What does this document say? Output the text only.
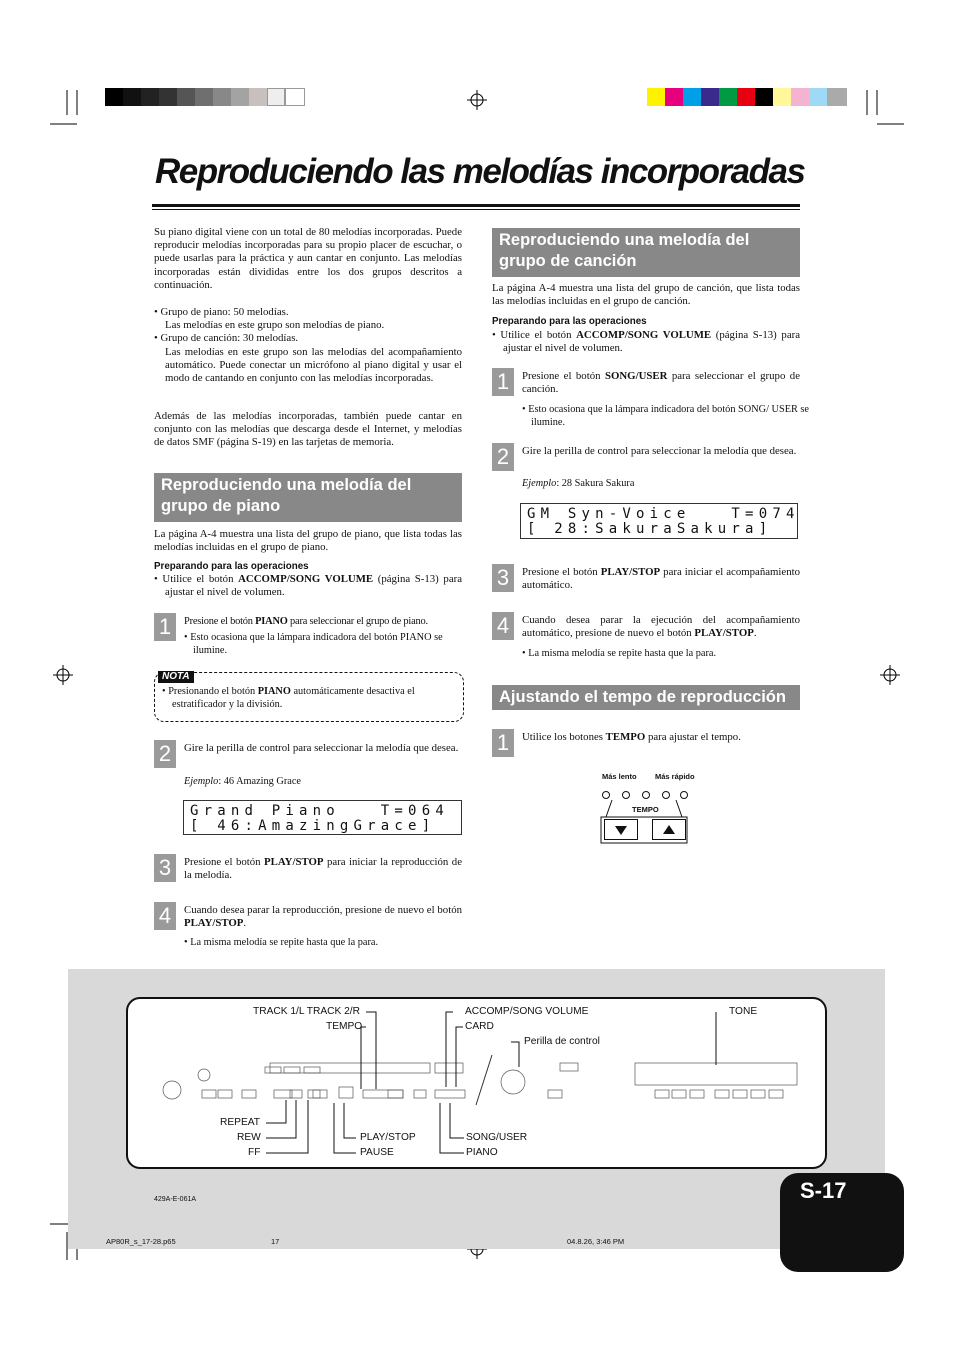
Reproduciendo las melodías incorporadas
Su piano digital viene con un total de 80 melodías incorporadas. Puede reproducir melodías incorporadas para su propio placer de escuchar, o puede usarlas para la práctica y aun cantar en conjunto. Las melodías incorporadas están divididas entre los dos grupos descritos a continuación.
• Grupo de piano: 50 melodías.
Las melodías en este grupo son melodías de piano.
• Grupo de canción: 30 melodías.
Las melodías en este grupo son las melodías del acompañamiento automático. Puede conectar un micrófono al piano digital y usar el modo de cantando en conjunto con las melodías incorporadas.
Además de las melodías incorporadas, también puede cantar en conjunto con las melodías que descarga desde el Internet, y melodías de datos SMF (página S-19) en las tarjetas de memoria.
Reproduciendo una melodía del grupo de piano
La página A-4 muestra una lista del grupo de piano, que lista todas las melodías incluidas en el grupo de piano.
Preparando para las operaciones
• Utilice el botón ACCOMP/SONG VOLUME (página S-13) para ajustar el nivel de volumen.
1	Presione el botón PIANO para seleccionar el grupo de piano.
• Esto ocasiona que la lámpara indicadora del botón PIANO se ilumine.
NOTA
• Presionando el botón PIANO automáticamente desactiva el estratificador y la división.
2	Gire la perilla de control para seleccionar la melodía que desea.
Ejemplo: 46 Amazing Grace
Grand Piano   T=064
[ 46:AmazingGrace]
3	Presione el botón PLAY/STOP para iniciar la reproducción de la melodía.
4	Cuando desea parar la reproducción, presione de nuevo el botón PLAY/STOP.
• La misma melodía se repite hasta que la para.
Reproduciendo una melodía del grupo de canción
La página A-4 muestra una lista del grupo de canción, que lista todas las melodías incluidas en el grupo de canción.
Preparando para las operaciones
• Utilice el botón ACCOMP/SONG VOLUME (página S-13) para ajustar el nivel de volumen.
1	Presione el botón SONG/USER para seleccionar el grupo de canción.
• Esto ocasiona que la lámpara indicadora del botón SONG/ USER se ilumine.
2	Gire la perilla de control para seleccionar la melodía que desea.
Ejemplo: 28 Sakura Sakura
GM Syn-Voice   T=074
[ 28:SakuraSakura]
3	Presione el botón PLAY/STOP para iniciar el acompañamiento automático.
4	Cuando desea parar la ejecución del acompañamiento automático, presione de nuevo el botón PLAY/STOP.
• La misma melodía se repite hasta que la para.
Ajustando el tempo de reproducción
1	Utilice los botones TEMPO para ajustar el tempo.
Más lento Más rápido
TEMPO
TRACK 1/L TRACK 2/R
TEMPO
ACCOMP/SONG VOLUME
CARD
Perilla de control
TONE
REPEAT
REW
FF
PLAY/STOP
PAUSE
SONG/USER
PIANO
429A-E-061A
AP80R_s_17-28.p65	17	04.8.26, 3:46 PM
S-17
